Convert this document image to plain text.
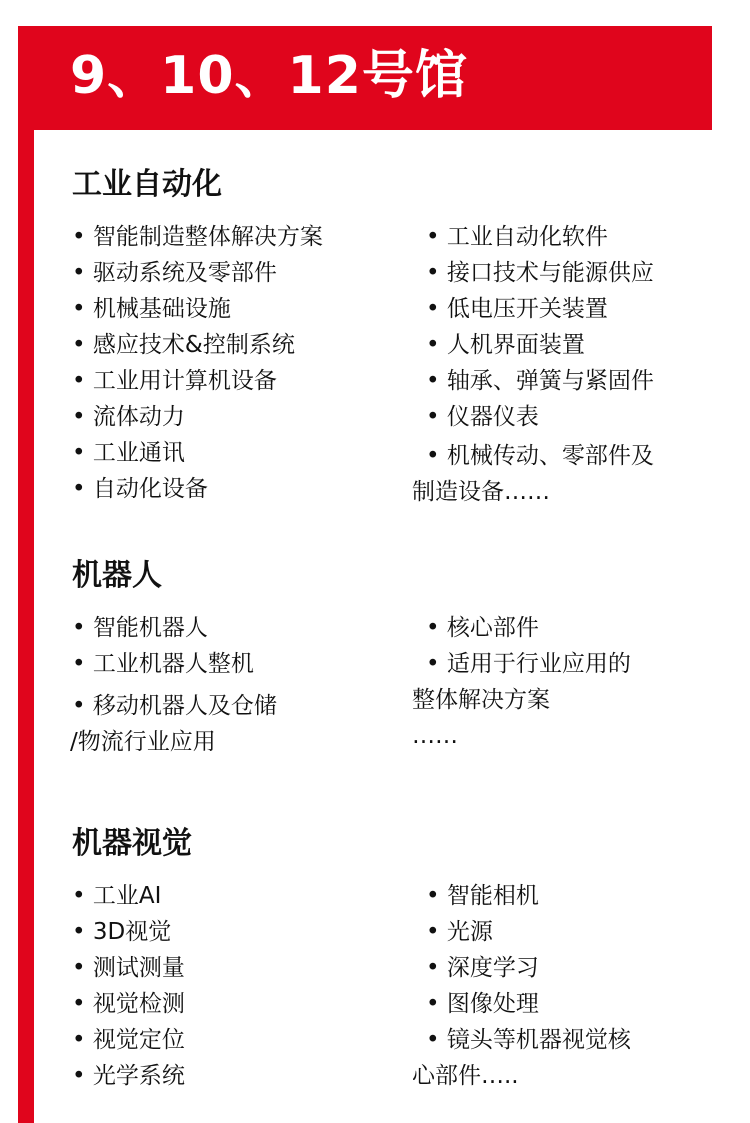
9、10、12号馆
工业自动化
• 智能制造整体解决方案
• 驱动系统及零部件
• 机械基础设施
• 感应技术&控制系统
• 工业用计算机设备
• 流体动力
• 工业通讯
• 自动化设备
• 工业自动化软件
• 接口技术与能源供应
• 低电压开关装置
• 人机界面装置
• 轴承、弹簧与紧固件
• 仪器仪表
• 机械传动、零部件及
制造设备……
机器人
• 智能机器人
• 工业机器人整机
• 移动机器人及仓储
/物流行业应用
• 核心部件
• 适用于行业应用的
整体解决方案
……
机器视觉
• 工业AI
• 3D视觉
• 测试测量
• 视觉检测
• 视觉定位
• 光学系统
• 智能相机
• 光源
• 深度学习
• 图像处理
• 镜头等机器视觉核
心部件…..
